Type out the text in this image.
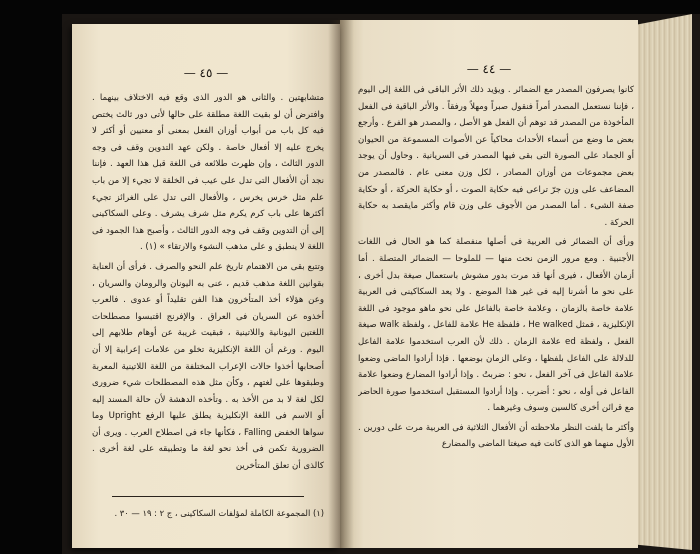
— ٤٤ —

كانوا يصرفون المصدر مع الضمائر . ويؤيد ذلك الأثر الباقى فى اللغة إلى اليوم ، فإننا نستعمل المصدر أمراً فنقول صبراً ومهلاً ورفقاً . والأثر الباقية فى الفعل المأخوذة من المصدر قد توهم أن الفعل هو الأصل ، والمصدر هو الفرع . وأرجع بعض ما وضع من أسماء الأحداث محاكياً عن الأصوات المسموعة من الحيوان أو الجماد على الصورة التى بقى فيها المصدر فى السريانية . وحاول أن يوجد بعض مجموعات من أوزان المصادر ، لكل وزن معنى عام . فالمصدر من المضاعف على وزن جرّ تراعى فيه حكاية الصوت ، أو حكاية الحركة ، أو حكاية صفة الشىء . أما المصدر من الأجوف على وزن قام وأكثر مايقصد به حكاية الحركة .

ورأى أن الضمائر فى العربية فى أصلها منفصلة كما هو الحال فى اللغات الأجنبية . ومع مرور الزمن نحت منها — للملوحا — الضمائر المتصلة . أما أزمان الأفعال ، فيرى أنها قد مرت بدور مشوش باستعمال صيغة بدل أخرى ، على نحو ما أشرنا إليه فى غير هذا الموضع . ولا يعد السكاكينى فى العربية علامة خاصة بالزمان ، وعلامة خاصة بالفاعل على نحو ماهو موجود فى اللغة الإنكليزية ، فمثل He walked ، فلفظة He علامة للفاعل ، ولفظة walk صيغة الفعل ، ولفظة ed علامة الزمان . ذلك لأن العرب استخدموا علامة الفاعل للدلالة على الفاعل بلفظها ، وعلى الزمان بوضعها . فإذا أرادوا الماضى وضعوا علامة الفاعل فى آخر الفعل ، نحو : ضربتُ . وإذا أرادوا المضارع وضعوا علامة الفاعل فى أوله ، نحو : أضرب . وإذا أرادوا المستقبل استخدموا صورة الحاضر مع قرائن أخرى كالسين وسوف وغيرهما .

وأكثر ما يلفت النظر ملاحظته أن الأفعال الثلاثية فى العربية مرت على دورين . الأول منهما هو الذى كانت فيه صيغتا الماضى والمضارع

— ٤٥ —

متشابهتين . والثانى هو الدور الذى وقع فيه الاختلاف بينهما . وافترض أن لو بقيت اللغة مطلقة على حالها لأتى دور ثالث يختص فيه كل باب من أبواب أوزان الفعل بمعنى أو معنيين أو أكثر لا يخرج عليه إلا أفعال خاصة . ولكن عهد التدوين وقف فى وجه الدور الثالث ، وإن ظهرت طلائعه فى اللغة قبل هذا العهد . فإننا نجد أن الأفعال التى تدل على عيب فى الخلقة لا تجيء إلا من باب علم مثل خرس يخرس ، والأفعال التى تدل على الغرائز تجيء أكثرها على باب كرم يكرم مثل شرف يشرف . وعلى السكاكينى إلى أن التدوين وقف فى وجه الدور الثالث ، وأصبح هذا الجمود فى اللغة لا ينطبق و على مذهب النشوء والارتقاء » (١) .

وتتبع بقى من الاهتمام تاريخ علم النحو والصرف . فرأى أن العناية بقوانين اللغة مذهب قديم ، عنى به اليونان والرومان والسريان ، وعن هؤلاء أخذ المتأخرون هذا الفن تقليداً أو عدوى . فالعرب أخذوه عن السريان فى العراق . والإفرنج اقتبسوا مصطلحات اللغتين اليونانية واللاتينية ، فبقيت غريبة عن أوهام طلابهم إلى اليوم . ورغم أن اللغة الإنكليزية تخلو من علامات إعرابية إلا أن أصحابها أخذوا حالات الإعراب المختلفة من اللغة اللاتينية المعربة وطبقوها على لغتهم ، وكأن مثل هذه المصطلحات شيء ضرورى لكل لغة لا بد من الأخذ به . وتأخذه الدهشة لأن حالة المسند إليه أو الاسم فى اللغة الإنكليزية يطلق عليها الرفع Upright وما سواها الخفض Falling ، فكأنها جاء فى اصطلاح العرب . ويرى أن الضرورية تكمن فى أخذ نحو لغة ما وتطبيقه على لغة أخرى . كالذى أن تعلق المتأخرين

(١) المجموعة الكاملة لمؤلفات السكاكينى ، ج ٢ : ١٩ — ٣٠ .
